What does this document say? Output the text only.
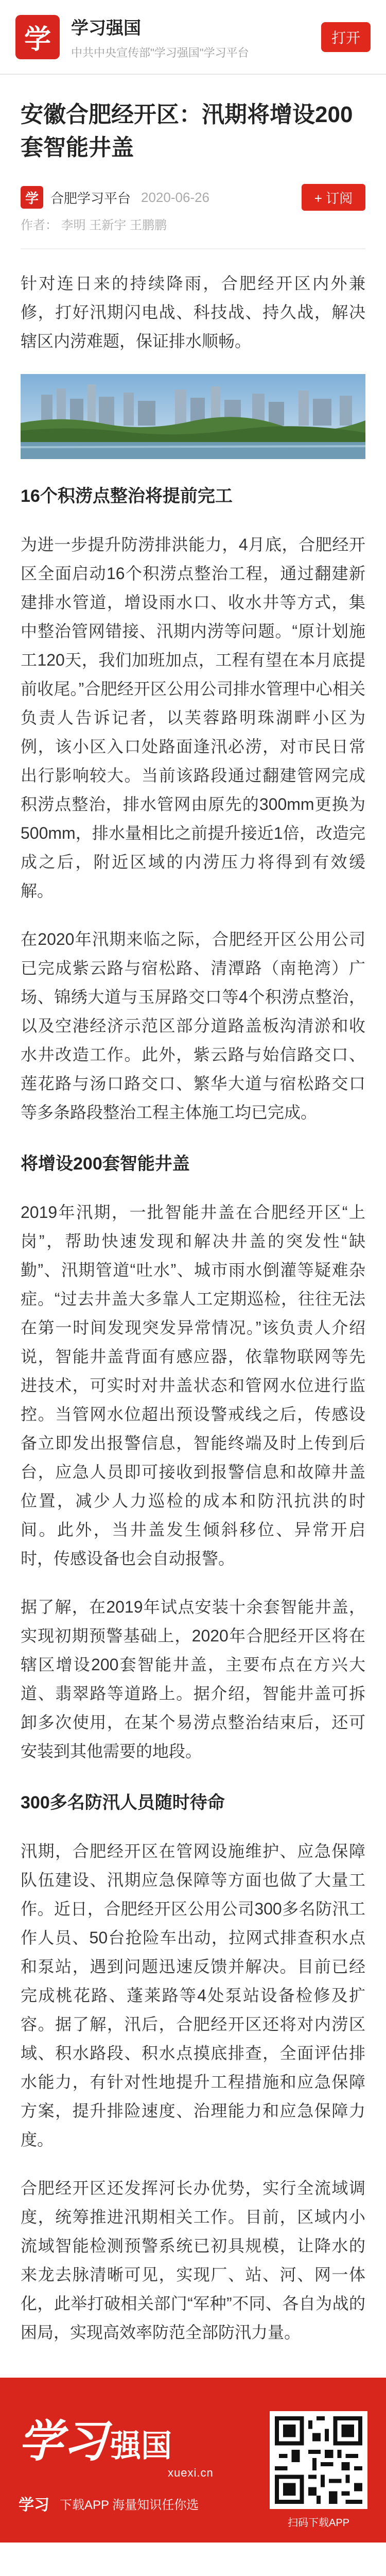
学	学习强国
中共中央宣传部"学习强国"学习平台
打开
安徽合肥经开区：汛期将增设200套智能井盖
学 合肥学习平台 2020-06-26	+ 订阅
作者： 李明 王新宇 王鹏鹏

针对连日来的持续降雨，合肥经开区内外兼修，打好汛期闪电战、科技战、持久战，解决辖区内涝难题，保证排水顺畅。

16个积涝点整治将提前完工

为进一步提升防涝排洪能力，4月底，合肥经开区全面启动16个积涝点整治工程，通过翻建新建排水管道，增设雨水口、收水井等方式，集中整治管网错接、汛期内涝等问题。“原计划施工120天，我们加班加点，工程有望在本月底提前收尾。”合肥经开区公用公司排水管理中心相关负责人告诉记者，以芙蓉路明珠湖畔小区为例，该小区入口处路面逢汛必涝，对市民日常出行影响较大。当前该路段通过翻建管网完成积涝点整治，排水管网由原先的300mm更换为500mm，排水量相比之前提升接近1倍，改造完成之后，附近区域的内涝压力将得到有效缓解。

在2020年汛期来临之际，合肥经开区公用公司已完成紫云路与宿松路、清潭路（南艳湾）广场、锦绣大道与玉屏路交口等4个积涝点整治，以及空港经济示范区部分道路盖板沟清淤和收水井改造工作。此外，紫云路与始信路交口、莲花路与汤口路交口、繁华大道与宿松路交口等多条路段整治工程主体施工均已完成。

将增设200套智能井盖

2019年汛期，一批智能井盖在合肥经开区“上岗”，帮助快速发现和解决井盖的突发性“缺勤”、汛期管道“吐水”、城市雨水倒灌等疑难杂症。“过去井盖大多靠人工定期巡检，往往无法在第一时间发现突发异常情况。”该负责人介绍说，智能井盖背面有感应器，依靠物联网等先进技术，可实时对井盖状态和管网水位进行监控。当管网水位超出预设警戒线之后，传感设备立即发出报警信息，智能终端及时上传到后台，应急人员即可接收到报警信息和故障井盖位置，减少人力巡检的成本和防汛抗洪的时间。此外，当井盖发生倾斜移位、异常开启时，传感设备也会自动报警。

据了解，在2019年试点安装十余套智能井盖，实现初期预警基础上，2020年合肥经开区将在辖区增设200套智能井盖，主要布点在方兴大道、翡翠路等道路上。据介绍，智能井盖可拆卸多次使用，在某个易涝点整治结束后，还可安装到其他需要的地段。

300多名防汛人员随时待命

汛期，合肥经开区在管网设施维护、应急保障队伍建设、汛期应急保障等方面也做了大量工作。近日，合肥经开区公用公司300多名防汛工作人员、50台抢险车出动，拉网式排查积水点和泵站，遇到问题迅速反馈并解决。目前已经完成桃花路、蓬莱路等4处泵站设备检修及扩容。据了解，汛后，合肥经开区还将对内涝区域、积水路段、积水点摸底排查，全面评估排水能力，有针对性地提升工程措施和应急保障方案，提升排险速度、治理能力和应急保障力度。

合肥经开区还发挥河长办优势，实行全流域调度，统筹推进汛期相关工作。目前，区域内小流域智能检测预警系统已初具规模，让降水的来龙去脉清晰可见，实现厂、站、河、网一体化，此举打破相关部门“军种”不同、各自为战的困局，实现高效率防范全部防汛力量。

学习 强国
xuexi.cn
学习 下载APP 海量知识任你选
扫码下载APP
